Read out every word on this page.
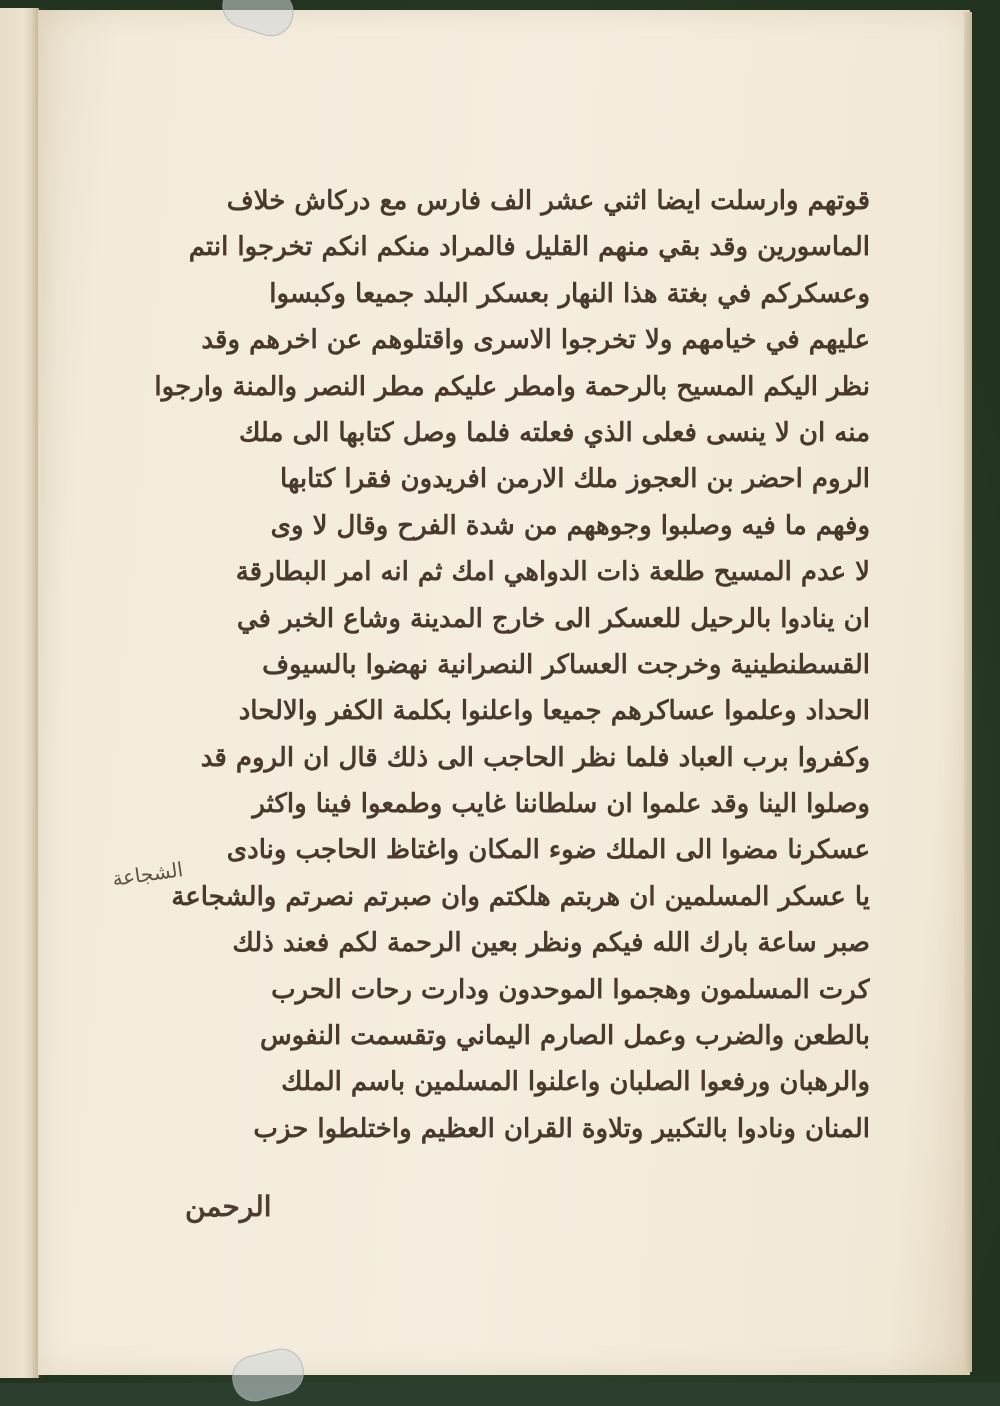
قوتهم وارسلت ايضا اثني عشر الف فارس مع دركاش خلاف
الماسورين وقد بقي منهم القليل فالمراد منكم انكم تخرجوا انتم
وعسكركم في بغتة هذا النهار بعسكر البلد جميعا وكبسوا
عليهم في خيامهم ولا تخرجوا الاسرى واقتلوهم عن اخرهم وقد
نظر اليكم المسيح بالرحمة وامطر عليكم مطر النصر والمنة وارجوا
منه ان لا ينسى فعلى الذي فعلته فلما وصل كتابها الى ملك
الروم احضر بن العجوز ملك الارمن افريدون فقرا كتابها
وفهم ما فيه وصلبوا وجوههم من شدة الفرح وقال لا وى
لا عدم المسيح طلعة ذات الدواهي امك ثم انه امر البطارقة
ان ينادوا بالرحيل للعسكر الى خارج المدينة وشاع الخبر في
القسطنطينية وخرجت العساكر النصرانية نهضوا بالسيوف
الحداد وعلموا عساكرهم جميعا واعلنوا بكلمة الكفر والالحاد
وكفروا برب العباد فلما نظر الحاجب الى ذلك قال ان الروم قد
وصلوا الينا وقد علموا ان سلطاننا غايب وطمعوا فينا واكثر
عسكرنا مضوا الى الملك ضوء المكان واغتاظ الحاجب ونادى
يا عسكر المسلمين ان هربتم هلكتم وان صبرتم نصرتم والشجاعة
صبر ساعة بارك الله فيكم ونظر بعين الرحمة لكم فعند ذلك
كرت المسلمون وهجموا الموحدون ودارت رحات الحرب
بالطعن والضرب وعمل الصارم اليماني وتقسمت النفوس
والرهبان ورفعوا الصلبان واعلنوا المسلمين باسم الملك
المنان ونادوا بالتكبير وتلاوة القران العظيم واختلطوا حزب
الشجاعة
الرحمن
